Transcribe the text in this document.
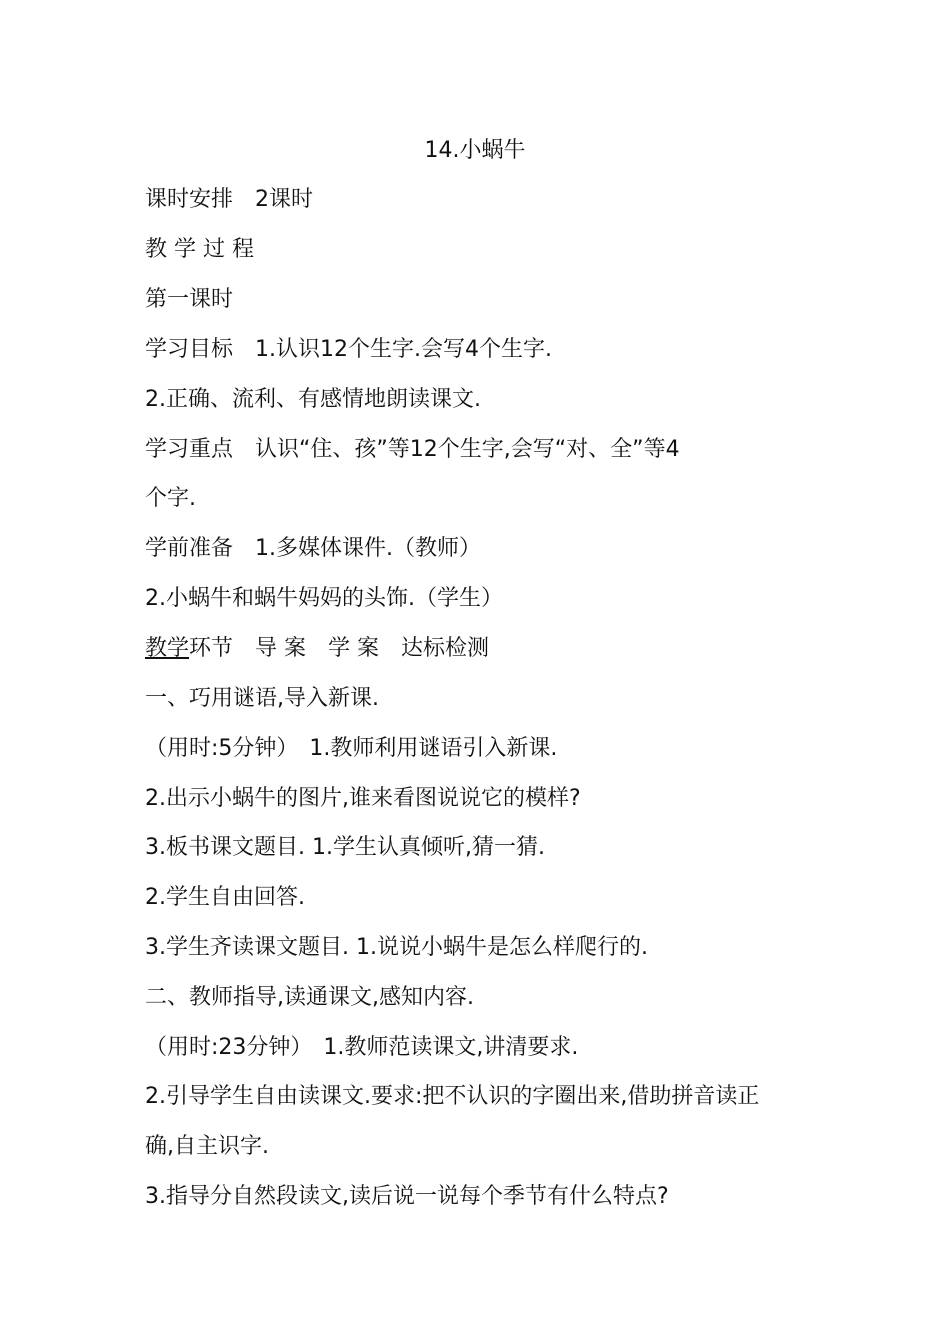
14.小蜗牛
课时安排　2课时
教 学 过 程
第一课时
学习目标　1.认识12个生字.会写4个生字.
2.正确、流利、有感情地朗读课文.
学习重点　认识“住、孩”等12个生字,会写“对、全”等4
个字.
学前准备　1.多媒体课件.（教师）
2.小蜗牛和蜗牛妈妈的头饰.（学生）
教学环节　导 案　学 案　达标检测
一、巧用谜语,导入新课.
（用时:5分钟）　1.教师利用谜语引入新课.
2.出示小蜗牛的图片,谁来看图说说它的模样?
3.板书课文题目. 1.学生认真倾听,猜一猜.
2.学生自由回答.
3.学生齐读课文题目. 1.说说小蜗牛是怎么样爬行的.
二、教师指导,读通课文,感知内容.
（用时:23分钟）　1.教师范读课文,讲清要求.
2.引导学生自由读课文.要求:把不认识的字圈出来,借助拼音读正
确,自主识字.
3.指导分自然段读文,读后说一说每个季节有什么特点?
